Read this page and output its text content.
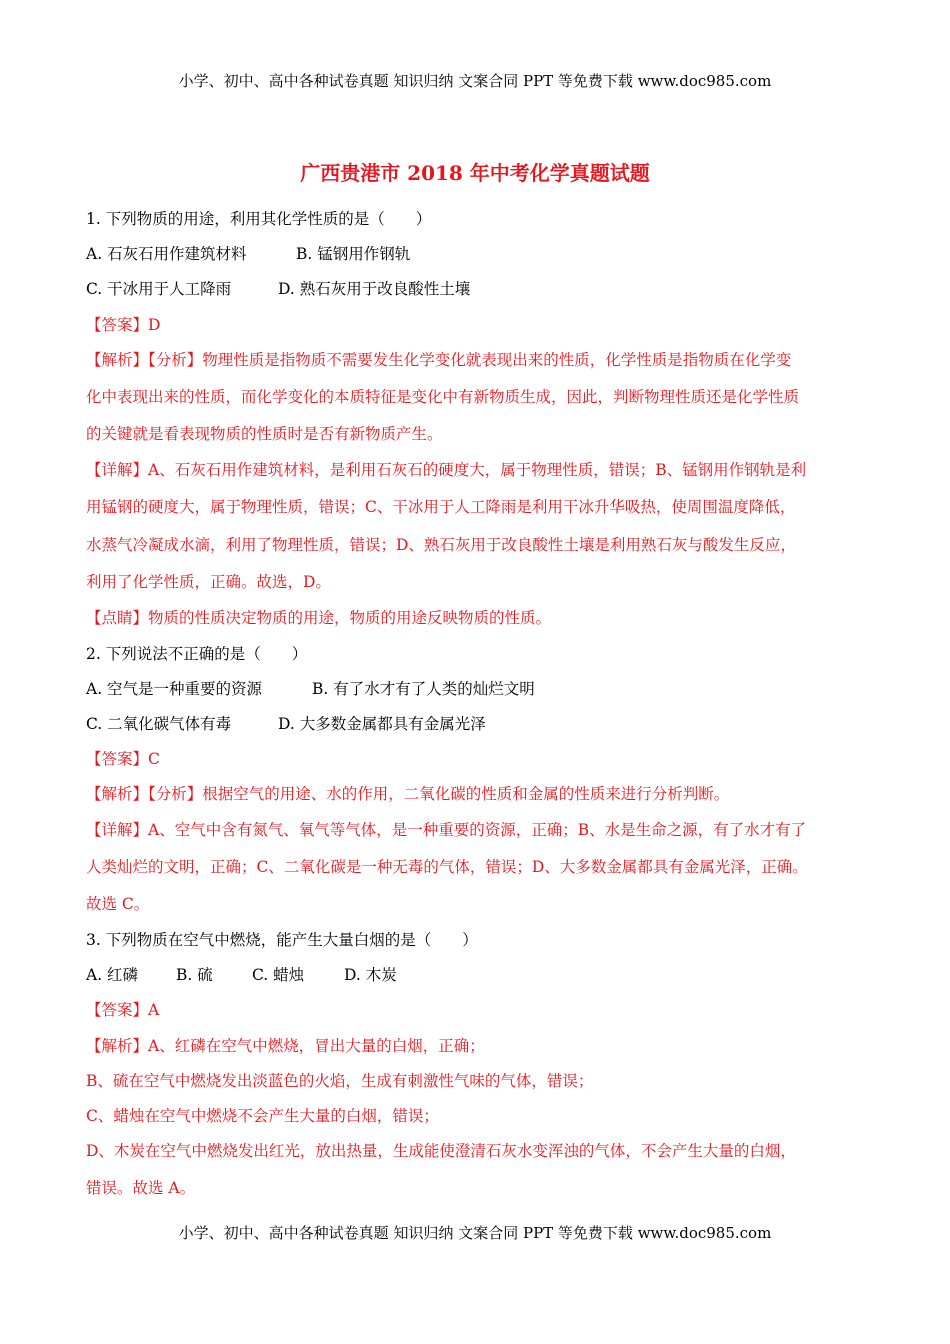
小学、初中、高中各种试卷真题 知识归纳 文案合同 PPT 等免费下载 www.doc985.com
广西贵港市 2018 年中考化学真题试题
1. 下列物质的用途，利用其化学性质的是（　　）
A. 石灰石用作建筑材料	B. 锰钢用作钢轨
C. 干冰用于人工降雨	D. 熟石灰用于改良酸性土壤
【答案】D
【解析】【分析】物理性质是指物质不需要发生化学变化就表现出来的性质，化学性质是指物质在化学变
化中表现出来的性质，而化学变化的本质特征是变化中有新物质生成，因此，判断物理性质还是化学性质
的关键就是看表现物质的性质时是否有新物质产生。
【详解】A、石灰石用作建筑材料，是利用石灰石的硬度大，属于物理性质，错误；B、锰钢用作钢轨是利
用锰钢的硬度大，属于物理性质，错误；C、干冰用于人工降雨是利用干冰升华吸热，使周围温度降低，
水蒸气冷凝成水滴，利用了物理性质，错误；D、熟石灰用于改良酸性土壤是利用熟石灰与酸发生反应，
利用了化学性质，正确。故选，D。
【点睛】物质的性质决定物质的用途，物质的用途反映物质的性质。
2. 下列说法不正确的是（　　）
A. 空气是一种重要的资源	B. 有了水才有了人类的灿烂文明
C. 二氧化碳气体有毒	D. 大多数金属都具有金属光泽
【答案】C
【解析】【分析】根据空气的用途、水的作用，二氧化碳的性质和金属的性质来进行分析判断。
【详解】A、空气中含有氮气、氧气等气体，是一种重要的资源，正确；B、水是生命之源，有了水才有了
人类灿烂的文明，正确；C、二氧化碳是一种无毒的气体，错误；D、大多数金属都具有金属光泽，正确。
故选 C。
3. 下列物质在空气中燃烧，能产生大量白烟的是（　　）
A. 红磷 B. 硫	C. 蜡烛	D. 木炭
【答案】A
【解析】A、红磷在空气中燃烧，冒出大量的白烟，正确；
B、硫在空气中燃烧发出淡蓝色的火焰，生成有刺激性气味的气体，错误；
C、蜡烛在空气中燃烧不会产生大量的白烟，错误；
D、木炭在空气中燃烧发出红光，放出热量，生成能使澄清石灰水变浑浊的气体，不会产生大量的白烟，
错误。故选 A。
小学、初中、高中各种试卷真题 知识归纳 文案合同 PPT 等免费下载 www.doc985.com
